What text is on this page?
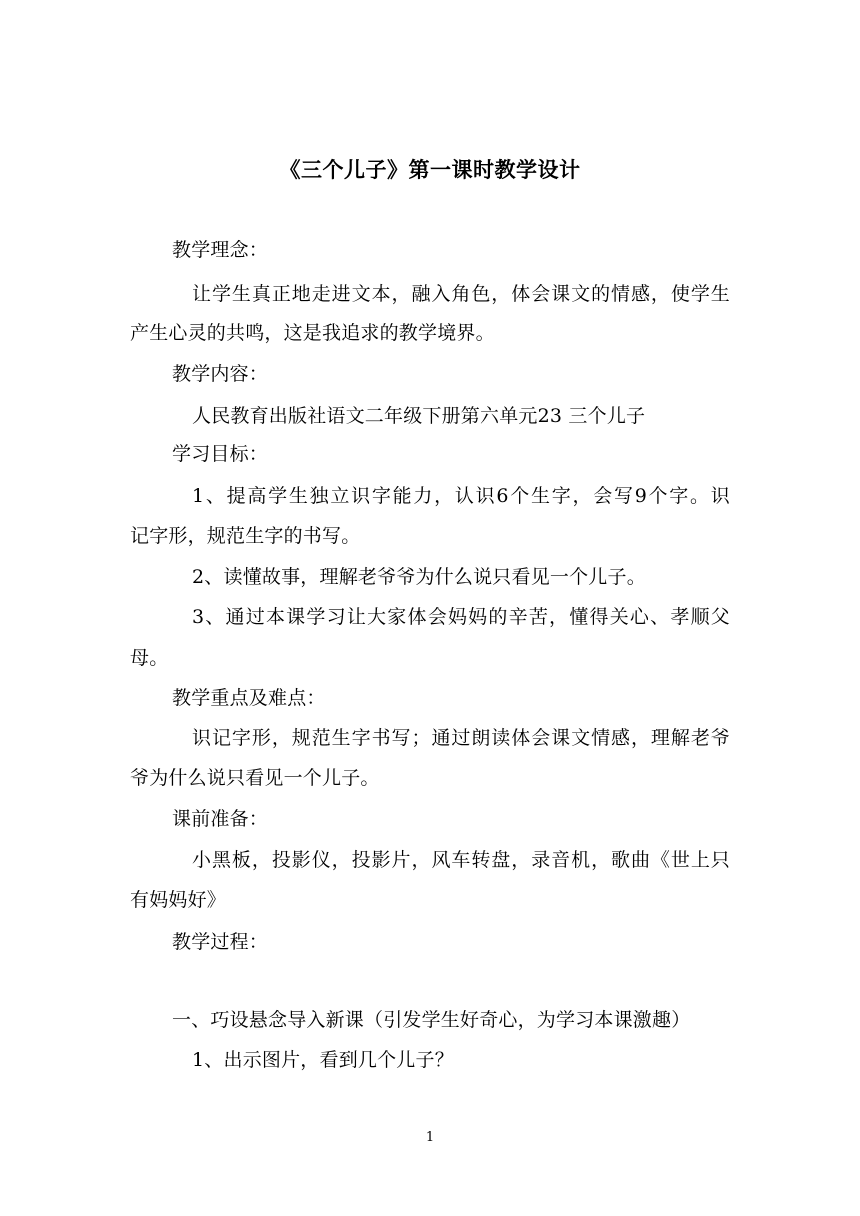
《三个儿子》第一课时教学设计
教学理念：
让学生真正地走进文本，融入角色，体会课文的情感，使学生
产生心灵的共鸣，这是我追求的教学境界。
教学内容：
人民教育出版社语文二年级下册第六单元23 三个儿子
学习目标：
1、提高学生独立识字能力，认识6个生字，会写9个字。识
记字形，规范生字的书写。
2、读懂故事，理解老爷爷为什么说只看见一个儿子。
3、通过本课学习让大家体会妈妈的辛苦，懂得关心、孝顺父
母。
教学重点及难点：
识记字形，规范生字书写；通过朗读体会课文情感，理解老爷
爷为什么说只看见一个儿子。
课前准备：
小黑板，投影仪，投影片，风车转盘，录音机，歌曲《世上只
有妈妈好》
教学过程：
一、巧设悬念导入新课（引发学生好奇心，为学习本课激趣）
1、出示图片，看到几个儿子？
1
